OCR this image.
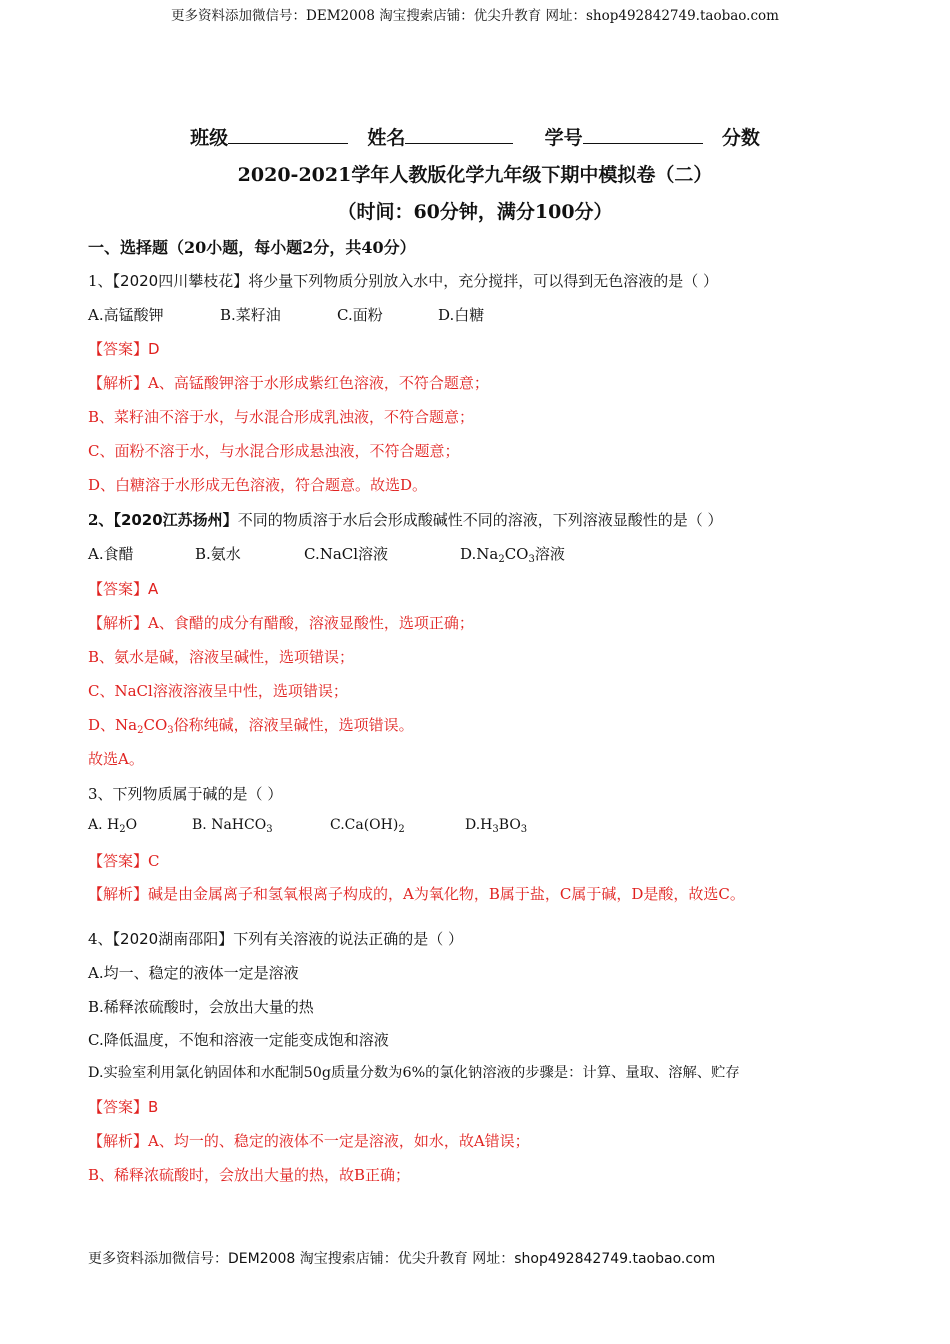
更多资料添加微信号：DEM2008 淘宝搜索店铺：优尖升教育 网址：shop492842749.taobao.com
班级	姓名	学号	分数
2020-2021学年人教版化学九年级下期中模拟卷（二）
（时间：60分钟，满分100分）
一、选择题（20小题，每小题2分，共40分）
1、【2020四川攀枝花】将少量下列物质分别放入水中，充分搅拌，可以得到无色溶液的是（ ）
A.高锰酸钾	B.菜籽油	C.面粉	D.白糖
【答案】D
【解析】A、高锰酸钾溶于水形成紫红色溶液，不符合题意；
B、菜籽油不溶于水，与水混合形成乳浊液，不符合题意；
C、面粉不溶于水，与水混合形成悬浊液，不符合题意；
D、白糖溶于水形成无色溶液，符合题意。故选D。
2、【2020江苏扬州】不同的物质溶于水后会形成酸碱性不同的溶液，下列溶液显酸性的是（ ）
A.食醋	B.氨水	C.NaCl溶液	$D.Na_2CO_3$溶液
【答案】A
【解析】A、食醋的成分有醋酸，溶液显酸性，选项正确；
B、氨水是碱，溶液呈碱性，选项错误；
C、NaCl溶液溶液呈中性，选项错误；
D、$Na_2CO_3$俗称纯碱，溶液呈碱性，选项错误。
故选A。
3、下列物质属于碱的是（ ）
A. $H_2O$	B. NaHCO$_3$	$C.Ca(OH)_2$	$D.H_3BO_3$
【答案】C
【解析】碱是由金属离子和氢氧根离子构成的，A为氧化物，B属于盐，C属于碱，D是酸，故选C。
4、【2020湖南邵阳】下列有关溶液的说法正确的是（ ）
A.均一、稳定的液体一定是溶液
B.稀释浓硫酸时，会放出大量的热
C.降低温度，不饱和溶液一定能变成饱和溶液
D.实验室利用氯化钠固体和水配制50g质量分数为6%的氯化钠溶液的步骤是：计算、量取、溶解、贮存
【答案】B
【解析】A、均一的、稳定的液体不一定是溶液，如水，故A错误；
B、稀释浓硫酸时，会放出大量的热，故B正确；
更多资料添加微信号：DEM2008 淘宝搜索店铺：优尖升教育 网址：shop492842749.taobao.com
